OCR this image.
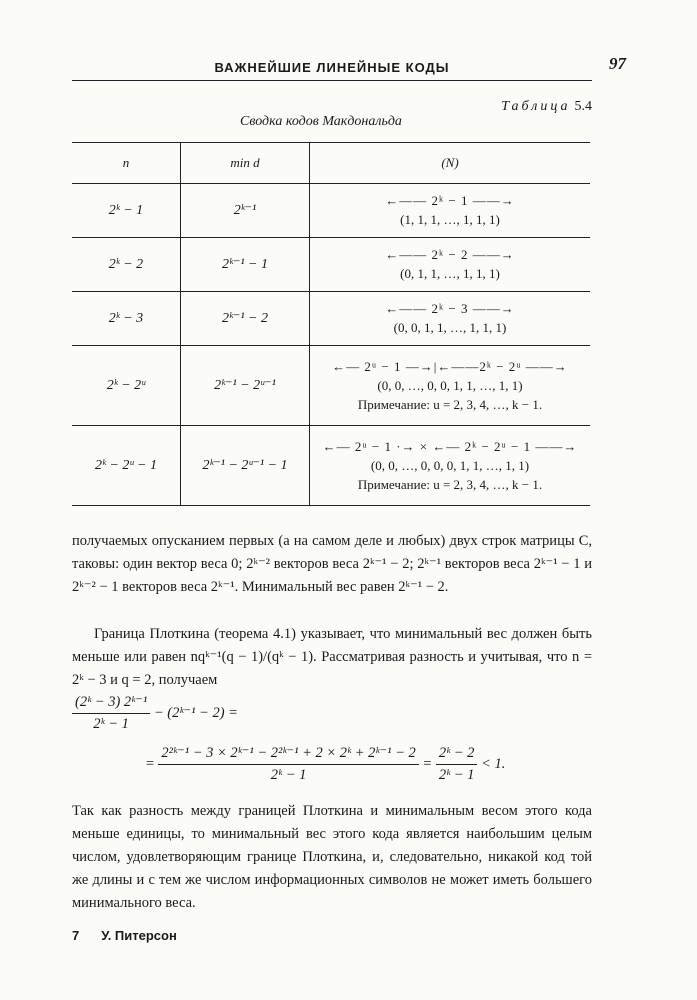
ВАЖНЕЙШИЕ ЛИНЕЙНЫЕ КОДЫ	97
Таблица 5.4
Сводка кодов Макдональда
n	min d	(N)
2ᵏ − 1	2ᵏ⁻¹	←—— 2ᵏ − 1 ——→
(1, 1, 1, …, 1, 1, 1)

2ᵏ − 2	2ᵏ⁻¹ − 1	←—— 2ᵏ − 2 ——→
(0, 1, 1, …, 1, 1, 1)

2ᵏ − 3	2ᵏ⁻¹ − 2	←—— 2ᵏ − 3 ——→
(0, 0, 1, 1, …, 1, 1, 1)

2ᵏ − 2ᵘ	2ᵏ⁻¹ − 2ᵘ⁻¹	←— 2ᵘ − 1 —→|←——2ᵏ − 2ᵘ ——→
(0, 0, …, 0, 0, 1, 1, …, 1, 1)
Примечание: u = 2, 3, 4, …, k − 1.

2ᵏ − 2ᵘ − 1	2ᵏ⁻¹ − 2ᵘ⁻¹ − 1	←— 2ᵘ − 1 ·→ × ←— 2ᵏ − 2ᵘ − 1 ——→
(0, 0, …, 0, 0, 0, 1, 1, …, 1, 1)
Примечание: u = 2, 3, 4, …, k − 1.
получаемых опусканием первых (а на самом деле и любых) двух строк матрицы C, таковы: один вектор веса 0; 2ᵏ⁻² векторов веса 2ᵏ⁻¹ − 2; 2ᵏ⁻¹ векторов веса 2ᵏ⁻¹ − 1 и 2ᵏ⁻² − 1 векторов веса 2ᵏ⁻¹. Минимальный вес равен 2ᵏ⁻¹ − 2.
Граница Плоткина (теорема 4.1) указывает, что минимальный вес должен быть меньше или равен nqᵏ⁻¹(q − 1)/(qᵏ − 1). Рассматривая разность и учитывая, что n = 2ᵏ − 3 и q = 2, получаем
$\frac{\text{(2ᵏ − 3) 2ᵏ⁻¹}}{\text{2ᵏ − 1}}$ − (2ᵏ⁻¹ − 2) =
= $\frac{\text{2²ᵏ⁻¹ − 3 × 2ᵏ⁻¹ − 2²ᵏ⁻¹ + 2 × 2ᵏ + 2ᵏ⁻¹ − 2}}{\text{2ᵏ − 1}} = \frac{\text{2ᵏ − 2}}{\text{2ᵏ − 1}} < 1$.
Так как разность между границей Плоткина и минимальным весом этого кода меньше единицы, то минимальный вес этого кода является наибольшим целым числом, удовлетворяющим границе Плоткина, и, следовательно, никакой код той же длины и с тем же числом информационных символов не может иметь большего минимального веса.
7 У. Питерсон
